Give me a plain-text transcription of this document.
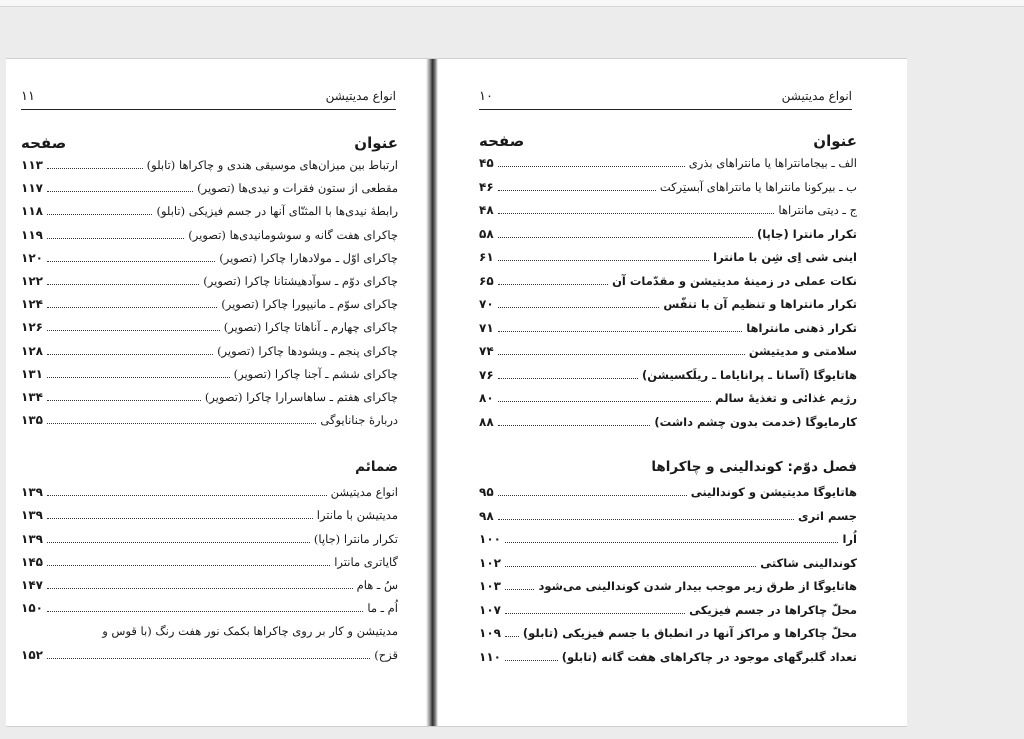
انواع مدیتیشن
۱۱
عنوان
صفحه
ارتباط بین میزان‌های موسیقی هندی و چاکراها (تابلو)
۱۱۳
مقطعی از ستون فقرات و نیدی‌ها (تصویر)
۱۱۷
رابطهٔ نیدی‌ها با المثنّای آنها در جسم فیزیکی (تابلو)
۱۱۸
چاکرای هفت گانه و سوشومانیدی‌ها (تصویر)
۱۱۹
چاکرای اوّل ـ مولادهارا چاکرا (تصویر)
۱۲۰
چاکرای دوّم ـ سوآدهیشتانا چاکرا (تصویر)
۱۲۲
چاکرای سوّم ـ مانیپورا چاکرا (تصویر)
۱۲۴
چاکرای چهارم ـ آناهاتا چاکرا (تصویر)
۱۲۶
چاکرای پنجم ـ ویشودها چاکرا (تصویر)
۱۲۸
چاکرای ششم ـ آجنا چاکرا (تصویر)
۱۳۱
چاکرای هفتم ـ ساهاسرارا چاکرا (تصویر)
۱۳۴
دربارهٔ جنانایوگی
۱۳۵
ضمائم
انواع مدیتیشن
۱۳۹
مدیتیشن با مانترا
۱۳۹
تکرار مانترا (جاپا)
۱۳۹
گایاتری مانترا
۱۴۵
سُ ـ هام
۱۴۷
اُم ـ ما
۱۵۰
مدیتیشن و کار بر روی چاکراها بکمک نور هفت رنگ (با قوس و
قزح)
۱۵۲
انواع مدیتیشن
۱۰
عنوان
صفحه
الف ـ بیجامانتراها یا مانتراهای بذری
۴۵
ب ـ بیرکونا مانتراها یا مانتراهای آبستِرکت
۴۶
ج ـ دیتی مانتراها
۴۸
تکرار مانترا (جاپا)
۵۸
اینی شی اِی شِن با مانترا
۶۱
نکات عملی در زمینهٔ مدیتیشن و مقدّمات آن
۶۵
تکرار مانتراها و تنظیم آن با تنفّس
۷۰
تکرار ذهنی مانتراها
۷۱
سلامتی و مدیتیشن
۷۴
هاتایوگا (آسانا ـ پرانایاما ـ ریلَکسیشن)
۷۶
رژیم غذائی و تغذیهٔ سالم
۸۰
کارمایوگا (خدمت بدون چشم داشت)
۸۸
فصل دوّم: کوندالینی و چاکراها
هاتایوگا مدیتیشن و کوندالینی
۹۵
جسم اتری
۹۸
اُرا
۱۰۰
کوندالینی شاکتی
۱۰۲
هاتایوگا از طرق زیر موجب بیدار شدن کوندالینی می‌شود
۱۰۳
محلّ چاکراها در جسم فیزیکی
۱۰۷
محلّ چاکراها و مراکز آنها در انطباق با جسم فیزیکی (تابلو)
۱۰۹
تعداد گلبرگهای موجود در چاکراهای هفت گانه (تابلو)
۱۱۰
